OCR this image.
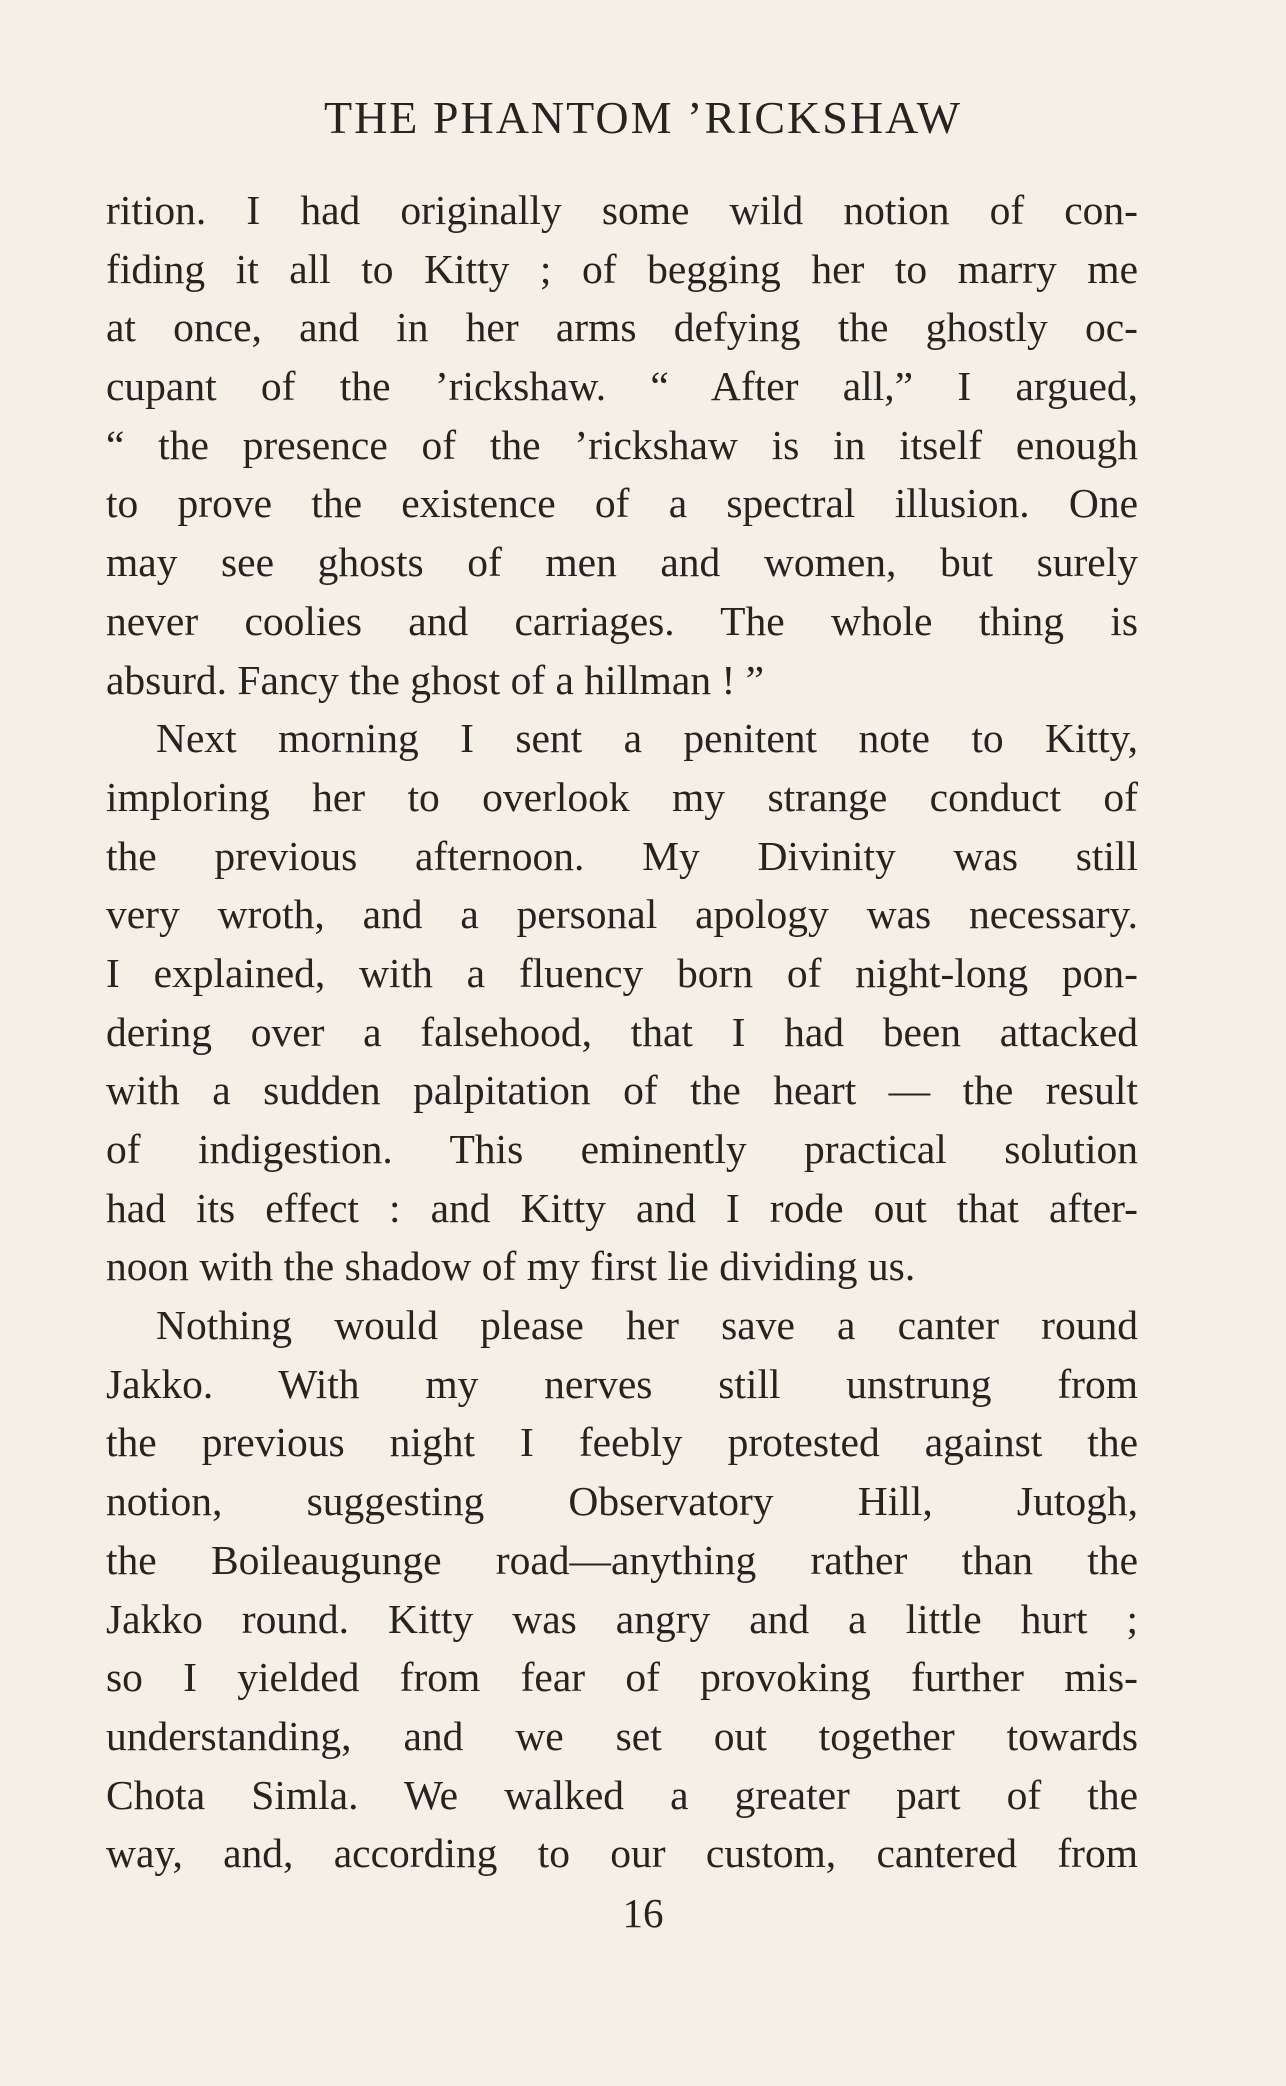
THE PHANTOM ’RICKSHAW
rition. I had originally some wild notion of con-
fiding it all to Kitty ; of begging her to marry me
at once, and in her arms defying the ghostly oc-
cupant of the ’rickshaw. “ After all,” I argued,
“ the presence of the ’rickshaw is in itself enough
to prove the existence of a spectral illusion. One
may see ghosts of men and women, but surely
never coolies and carriages. The whole thing is
absurd. Fancy the ghost of a hillman ! ”
Next morning I sent a penitent note to Kitty,
imploring her to overlook my strange conduct of
the previous afternoon. My Divinity was still
very wroth, and a personal apology was necessary.
I explained, with a fluency born of night-long pon-
dering over a falsehood, that I had been attacked
with a sudden palpitation of the heart — the result
of indigestion. This eminently practical solution
had its effect : and Kitty and I rode out that after-
noon with the shadow of my first lie dividing us.
Nothing would please her save a canter round
Jakko. With my nerves still unstrung from
the previous night I feebly protested against the
notion, suggesting Observatory Hill, Jutogh,
the Boileaugunge road—anything rather than the
Jakko round. Kitty was angry and a little hurt ;
so I yielded from fear of provoking further mis-
understanding, and we set out together towards
Chota Simla. We walked a greater part of the
way, and, according to our custom, cantered from
16
